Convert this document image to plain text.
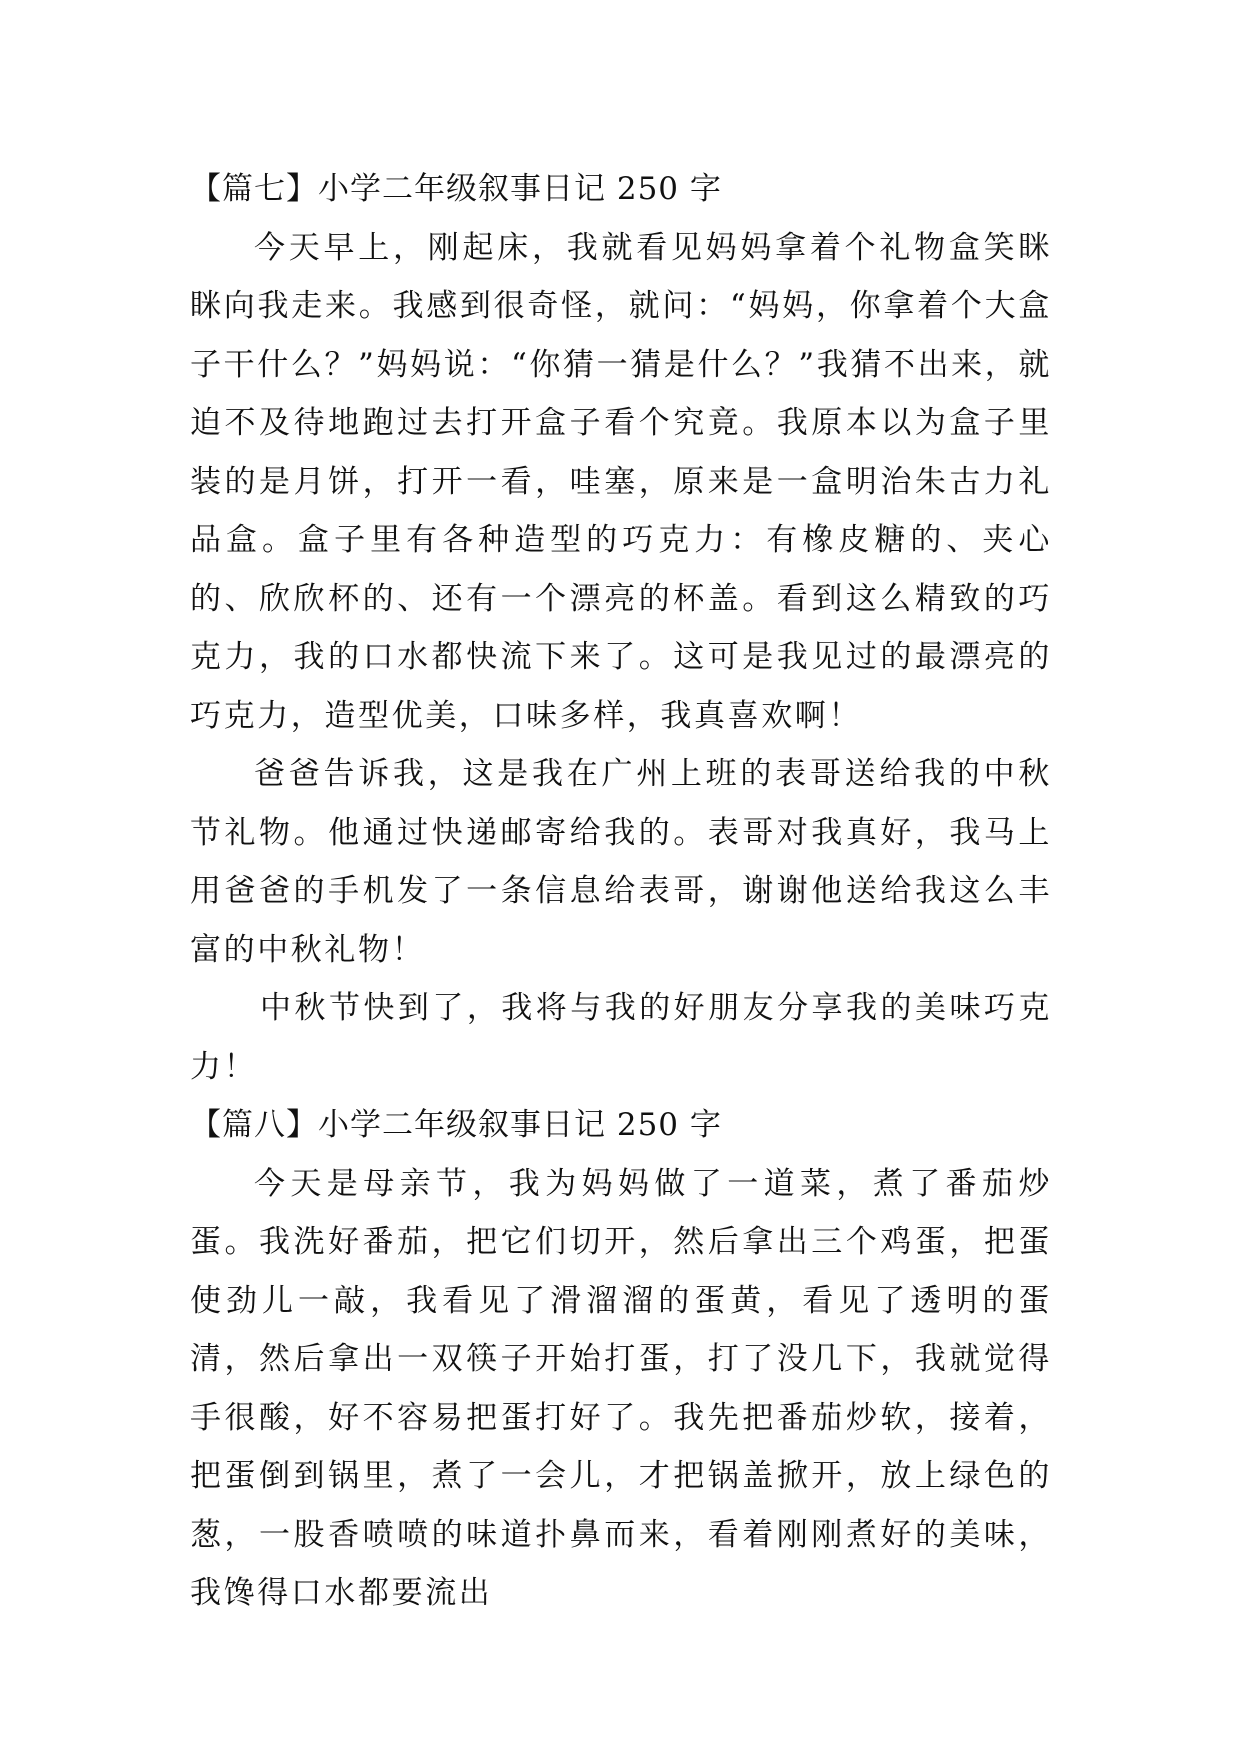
【篇七】小学二年级叙事日记 250 字

今天早上，刚起床，我就看见妈妈拿着个礼物盒笑眯眯向我走来。我感到很奇怪，就问：“妈妈，你拿着个大盒子干什么？”妈妈说：“你猜一猜是什么？”我猜不出来，就迫不及待地跑过去打开盒子看个究竟。我原本以为盒子里装的是月饼，打开一看，哇塞，原来是一盒明治朱古力礼品盒。盒子里有各种造型的巧克力：有橡皮糖的、夹心的、欣欣杯的、还有一个漂亮的杯盖。看到这么精致的巧克力，我的口水都快流下来了。这可是我见过的最漂亮的巧克力，造型优美，口味多样，我真喜欢啊！

爸爸告诉我，这是我在广州上班的表哥送给我的中秋节礼物。他通过快递邮寄给我的。表哥对我真好，我马上用爸爸的手机发了一条信息给表哥，谢谢他送给我这么丰富的中秋礼物！

中秋节快到了，我将与我的好朋友分享我的美味巧克力！

【篇八】小学二年级叙事日记 250 字

今天是母亲节，我为妈妈做了一道菜，煮了番茄炒蛋。我洗好番茄，把它们切开，然后拿出三个鸡蛋，把蛋使劲儿一敲，我看见了滑溜溜的蛋黄，看见了透明的蛋清，然后拿出一双筷子开始打蛋，打了没几下，我就觉得手很酸，好不容易把蛋打好了。我先把番茄炒软，接着，把蛋倒到锅里，煮了一会儿，才把锅盖掀开，放上绿色的葱，一股香喷喷的味道扑鼻而来，看着刚刚煮好的美味，我馋得口水都要流出
